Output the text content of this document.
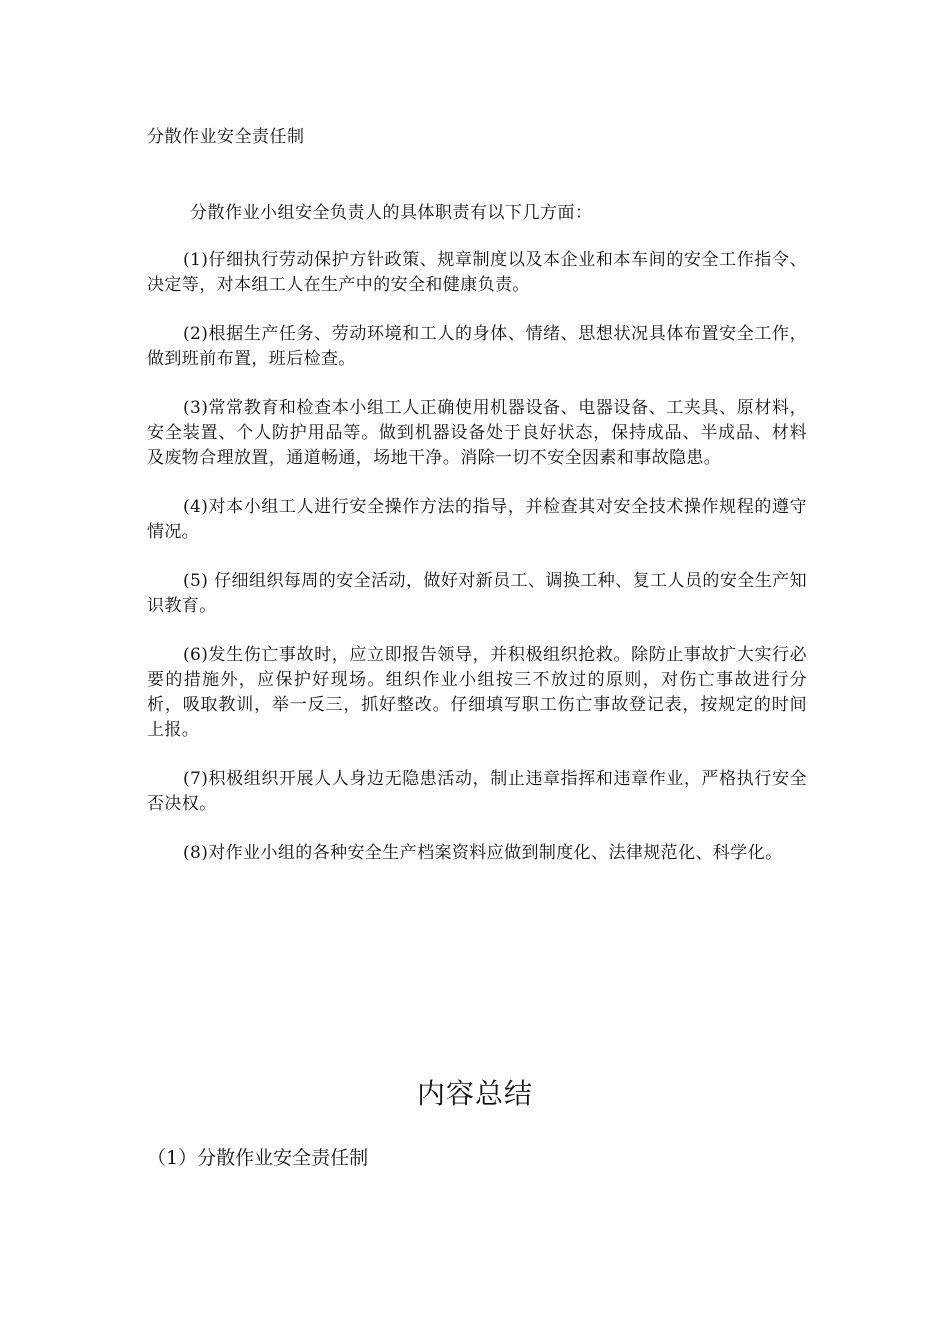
分散作业安全责任制
分散作业小组安全负责人的具体职责有以下几方面：

(1)仔细执行劳动保护方针政策、规章制度以及本企业和本车间的安全工作指令、决定等，对本组工人在生产中的安全和健康负责。

(2)根据生产任务、劳动环境和工人的身体、情绪、思想状况具体布置安全工作，做到班前布置，班后检查。

(3)常常教育和检查本小组工人正确使用机器设备、电器设备、工夹具、原材料，安全装置、个人防护用品等。做到机器设备处于良好状态，保持成品、半成品、材料及废物合理放置，通道畅通，场地干净。消除一切不安全因素和事故隐患。

(4)对本小组工人进行安全操作方法的指导，并检查其对安全技术操作规程的遵守情况。

(5) 仔细组织每周的安全活动，做好对新员工、调换工种、复工人员的安全生产知识教育。

(6)发生伤亡事故时，应立即报告领导，并积极组织抢救。除防止事故扩大实行必要的措施外，应保护好现场。组织作业小组按三不放过的原则，对伤亡事故进行分析，吸取教训，举一反三，抓好整改。仔细填写职工伤亡事故登记表，按规定的时间上报。

(7)积极组织开展人人身边无隐患活动，制止违章指挥和违章作业，严格执行安全否决权。

(8)对作业小组的各种安全生产档案资料应做到制度化、法律规范化、科学化。

内容总结
（1）分散作业安全责任制
